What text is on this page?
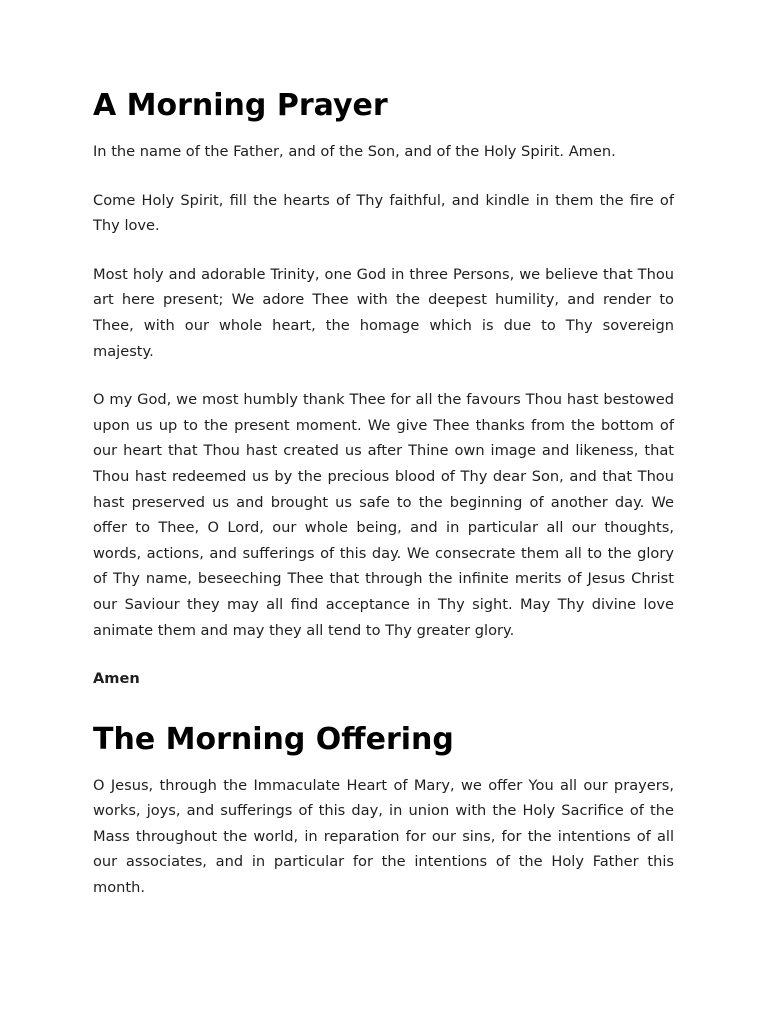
A Morning Prayer

In the name of the Father, and of the Son, and of the Holy Spirit. Amen.

Come Holy Spirit, fill the hearts of Thy faithful, and kindle in them the fire of Thy love.

Most holy and adorable Trinity, one God in three Persons, we believe that Thou art here present; We adore Thee with the deepest humility, and render to Thee, with our whole heart, the homage which is due to Thy sovereign majesty.

O my God, we most humbly thank Thee for all the favours Thou hast bestowed upon us up to the present moment. We give Thee thanks from the bottom of our heart that Thou hast created us after Thine own image and likeness, that Thou hast redeemed us by the precious blood of Thy dear Son, and that Thou hast preserved us and brought us safe to the beginning of another day. We offer to Thee, O Lord, our whole being, and in particular all our thoughts, words, actions, and sufferings of this day. We consecrate them all to the glory of Thy name, beseeching Thee that through the infinite merits of Jesus Christ our Saviour they may all find acceptance in Thy sight. May Thy divine love animate them and may they all tend to Thy greater glory.

Amen

The Morning Offering

O Jesus, through the Immaculate Heart of Mary, we offer You all our prayers, works, joys, and sufferings of this day, in union with the Holy Sacrifice of the Mass throughout the world, in reparation for our sins, for the intentions of all our associates, and in particular for the intentions of the Holy Father this month.
